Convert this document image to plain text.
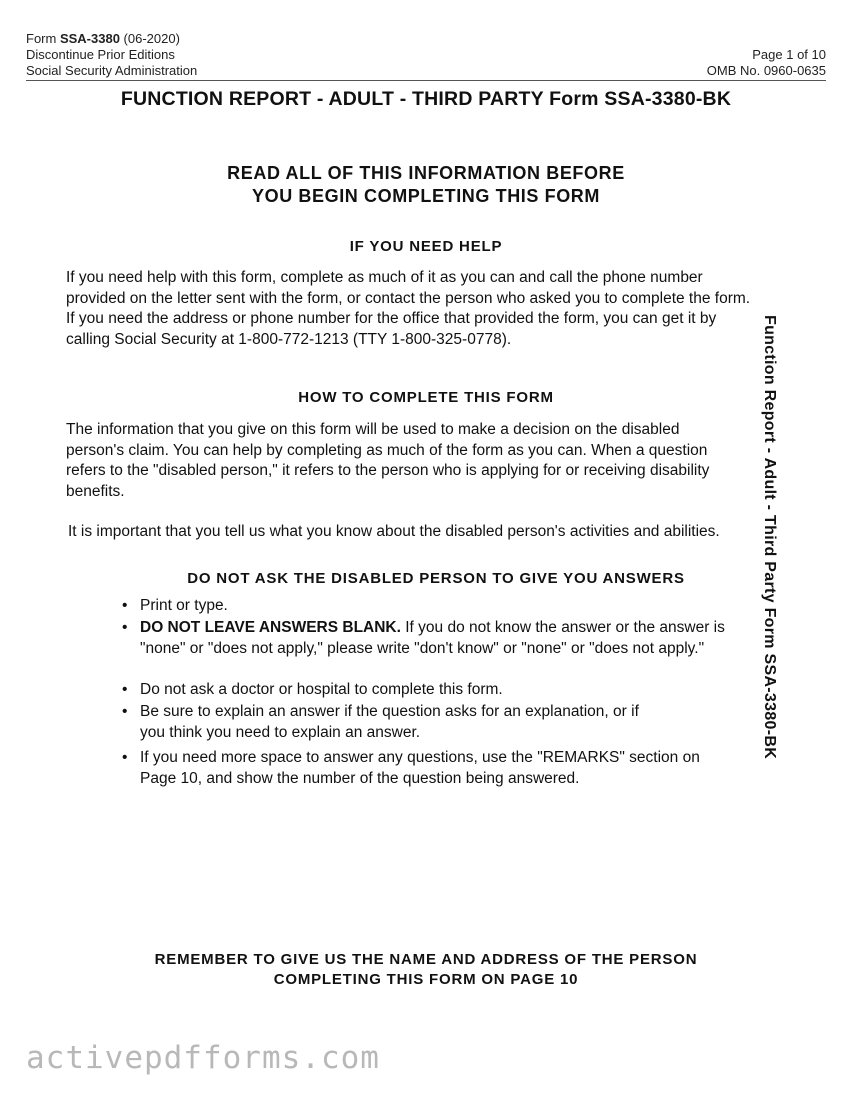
Form SSA-3380 (06-2020)
Discontinue Prior Editions
Social Security Administration
Page 1 of 10
OMB No. 0960-0635
FUNCTION REPORT - ADULT - THIRD PARTY Form SSA-3380-BK
READ ALL OF THIS INFORMATION BEFORE
YOU BEGIN COMPLETING THIS FORM
IF YOU NEED HELP
If you need help with this form, complete as much of it as you can and call the phone number provided on the letter sent with the form, or contact the person who asked you to complete the form. If you need the address or phone number for the office that provided the form, you can get it by calling Social Security at 1-800-772-1213 (TTY 1-800-325-0778).
HOW TO COMPLETE THIS FORM
The information that you give on this form will be used to make a decision on the disabled person's claim. You can help by completing as much of the form as you can. When a question refers to the "disabled person," it refers to the person who is applying for or receiving disability benefits.
It is important that you tell us what you know about the disabled person's activities and abilities.
DO NOT ASK THE DISABLED PERSON TO GIVE YOU ANSWERS
• Print or type.
• DO NOT LEAVE ANSWERS BLANK. If you do not know the answer or the answer is "none" or "does not apply," please write "don't know" or "none" or "does not apply."
• Do not ask a doctor or hospital to complete this form.
• Be sure to explain an answer if the question asks for an explanation, or if you think you need to explain an answer.
• If you need more space to answer any questions, use the "REMARKS" section on Page 10, and show the number of the question being answered.
Function Report - Adult - Third Party Form SSA-3380-BK
REMEMBER TO GIVE US THE NAME AND ADDRESS OF THE PERSON
COMPLETING THIS FORM ON PAGE 10
activepdfforms.com
